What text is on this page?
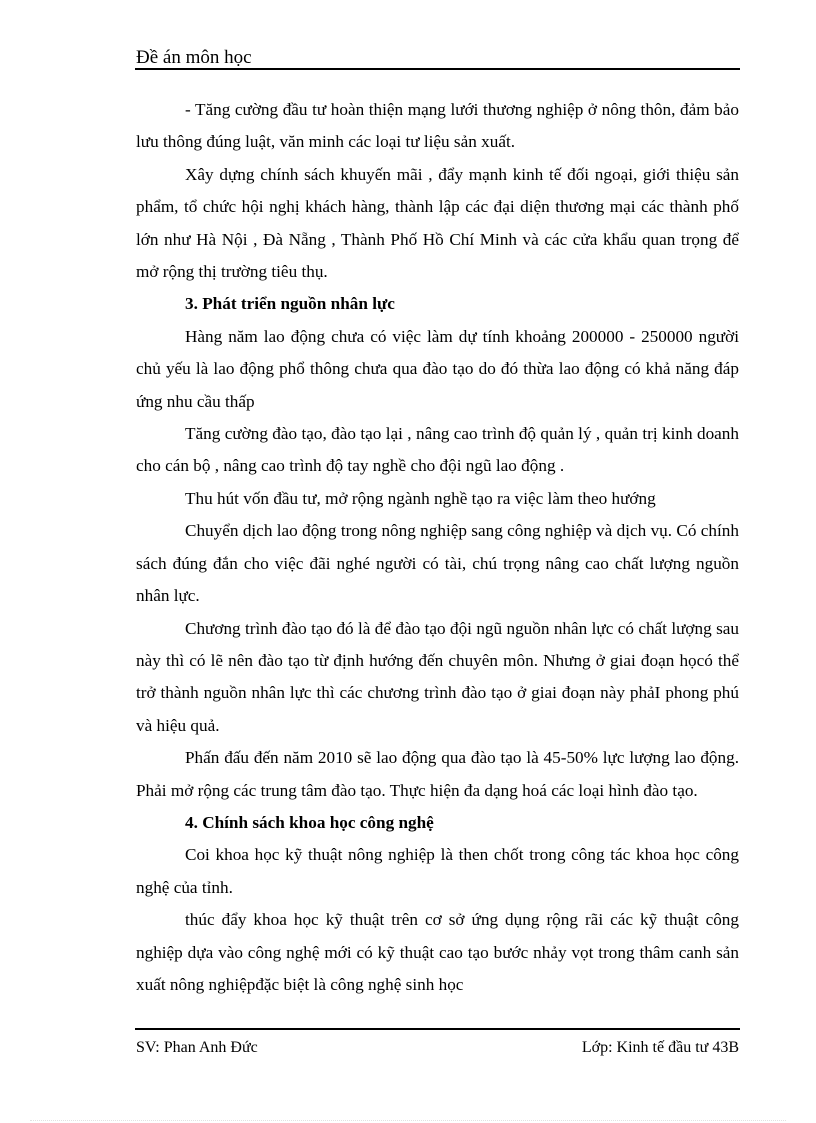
Đề án môn học

- Tăng cường đầu tư hoàn thiện mạng lưới thương nghiệp ở nông thôn, đảm bảo lưu thông đúng luật, văn minh các loại tư liệu sản xuất.

Xây dựng chính sách khuyến mãi , đẩy mạnh kinh tế đối ngoại, giới thiệu sản phẩm, tổ chức hội nghị khách hàng, thành lập các đại diện thương mại các thành phố lớn như Hà Nội , Đà Nẵng , Thành Phố Hồ Chí Minh và các cửa khẩu quan trọng để mở rộng thị trường tiêu thụ.

3. Phát triển nguồn nhân lực

Hàng năm lao động chưa có việc làm dự tính khoảng 200000 - 250000 người chủ yếu là lao động phổ thông chưa qua đào tạo do đó thừa lao động có khả năng đáp ứng nhu cầu thấp

Tăng cường đào tạo, đào tạo lại , nâng cao trình độ quản lý , quản trị kinh doanh cho cán bộ , nâng cao trình độ tay nghề cho đội ngũ lao động .

Thu hút vốn đầu tư, mở rộng ngành nghề tạo ra việc làm theo hướng

Chuyển dịch lao động trong nông nghiệp sang công nghiệp và dịch vụ. Có chính sách đúng đắn cho việc đãi nghé người có tài, chú trọng nâng cao chất lượng nguồn nhân lực.

Chương trình đào tạo đó là để đào tạo đội ngũ nguồn nhân lực có chất lượng sau này thì có lẽ nên đào tạo từ định hướng đến chuyên môn. Nhưng ở giai đoạn họcó thể trở thành nguồn nhân lực thì các chương trình đào tạo ở giai đoạn này phảI phong phú và hiệu quả.

Phấn đấu đến năm 2010 sẽ lao động qua đào tạo là 45-50% lực lượng lao động. Phải mở rộng các trung tâm đào tạo. Thực hiện đa dạng hoá các loại hình đào tạo.

4. Chính sách khoa học công nghệ

Coi khoa học kỹ thuật nông nghiệp là then chốt trong công tác khoa học công nghệ của tỉnh.

thúc đẩy khoa học kỹ thuật trên cơ sở ứng dụng rộng rãi các kỹ thuật công nghiệp dựa vào công nghệ mới có kỹ thuật cao tạo bước nhảy vọt trong thâm canh sản xuất nông nghiệpđặc biệt là công nghệ sinh học

SV: Phan Anh Đức	Lớp: Kinh tế đầu tư 43B
